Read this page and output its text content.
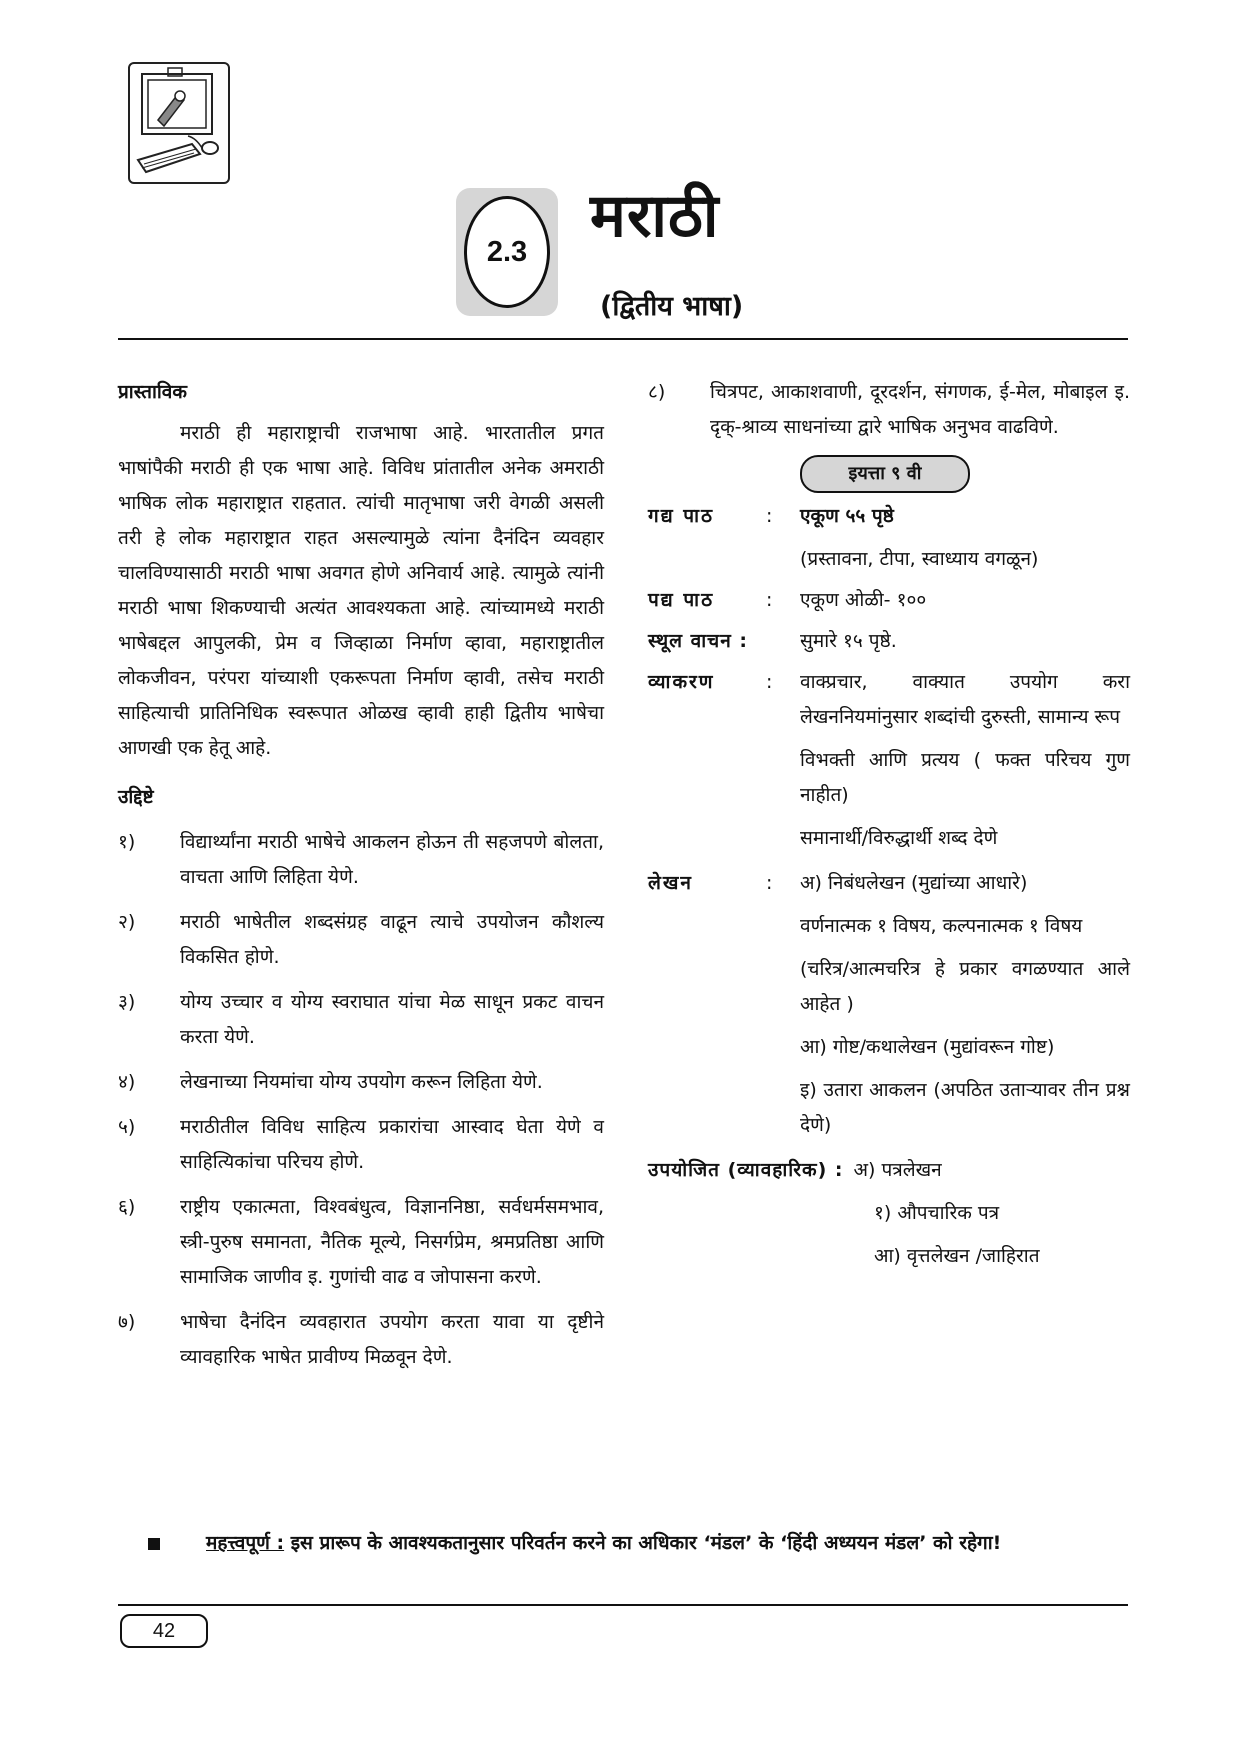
2.3
मराठी
(द्वितीय भाषा)
प्रास्ताविक

मराठी ही महाराष्ट्राची राजभाषा आहे. भारतातील प्रगत भाषांपैकी मराठी ही एक भाषा आहे. विविध प्रांतातील अनेक अमराठी भाषिक लोक महाराष्ट्रात राहतात. त्यांची मातृभाषा जरी वेगळी असली तरी हे लोक महाराष्ट्रात राहत असल्यामुळे त्यांना दैनंदिन व्यवहार चालविण्यासाठी मराठी भाषा अवगत होणे अनिवार्य आहे. त्यामुळे त्यांनी मराठी भाषा शिकण्याची अत्यंत आवश्यकता आहे. त्यांच्यामध्ये मराठी भाषेबद्दल आपुलकी, प्रेम व जिव्हाळा निर्माण व्हावा, महाराष्ट्रातील लोकजीवन, परंपरा यांच्याशी एकरूपता निर्माण व्हावी, तसेच मराठी साहित्याची प्रातिनिधिक स्वरूपात ओळख व्हावी हाही द्वितीय भाषेचा आणखी एक हेतू आहे.

उद्दिष्टे
१)	विद्यार्थ्यांना मराठी भाषेचे आकलन होऊन ती सहजपणे बोलता, वाचता आणि लिहिता येणे.
२)	मराठी भाषेतील शब्दसंग्रह वाढून त्याचे उपयोजन कौशल्य विकसित होणे.
३)	योग्य उच्चार व योग्य स्वराघात यांचा मेळ साधून प्रकट वाचन करता येणे.
४)	लेखनाच्या नियमांचा योग्य उपयोग करून लिहिता येणे.
५)	मराठीतील विविध साहित्य प्रकारांचा आस्वाद घेता येणे व साहित्यिकांचा परिचय होणे.
६)	राष्ट्रीय एकात्मता, विश्वबंधुत्व, विज्ञाननिष्ठा, सर्वधर्मसमभाव, स्त्री-पुरुष समानता, नैतिक मूल्ये, निसर्गप्रेम, श्रमप्रतिष्ठा आणि सामाजिक जाणीव इ. गुणांची वाढ व जोपासना करणे.
७)	भाषेचा दैनंदिन व्यवहारात उपयोग करता यावा या दृष्टीने व्यावहारिक भाषेत प्रावीण्य मिळवून देणे.
८)	चित्रपट, आकाशवाणी, दूरदर्शन, संगणक, ई-मेल, मोबाइल इ. दृक्-श्राव्य साधनांच्या द्वारे भाषिक अनुभव वाढविणे.
इयत्ता ९ वी
गद्य पाठ	:	एकूण ५५ पृष्ठे
(प्रस्तावना, टीपा, स्वाध्याय वगळून)
पद्य पाठ	:	एकूण ओळी- १००
स्थूल वाचन :	सुमारे १५ पृष्ठे.
व्याकरण	:	वाक्प्रचार, वाक्यात उपयोग करा लेखननियमांनुसार शब्दांची दुरुस्ती, सामान्य रूप
विभक्ती आणि प्रत्यय ( फक्त परिचय गुण नाहीत)
समानार्थी/विरुद्धार्थी शब्द देणे
लेखन	:	अ) निबंधलेखन (मुद्यांच्या आधारे)
वर्णनात्मक १ विषय, कल्पनात्मक १ विषय
(चरित्र/आत्मचरित्र हे प्रकार वगळण्यात आले आहेत )
आ) गोष्ट/कथालेखन (मुद्यांवरून गोष्ट)
इ) उतारा आकलन (अपठित उताऱ्यावर तीन प्रश्न देणे)
उपयोजित (व्यावहारिक) : अ) पत्रलेखन
१) औपचारिक पत्र
आ) वृत्तलेखन /जाहिरात
महत्त्वपूर्ण : इस प्रारूप के आवश्यकतानुसार परिवर्तन करने का अधिकार ‘मंडल’ के ‘हिंदी अध्ययन मंडल’ को रहेगा!
42
